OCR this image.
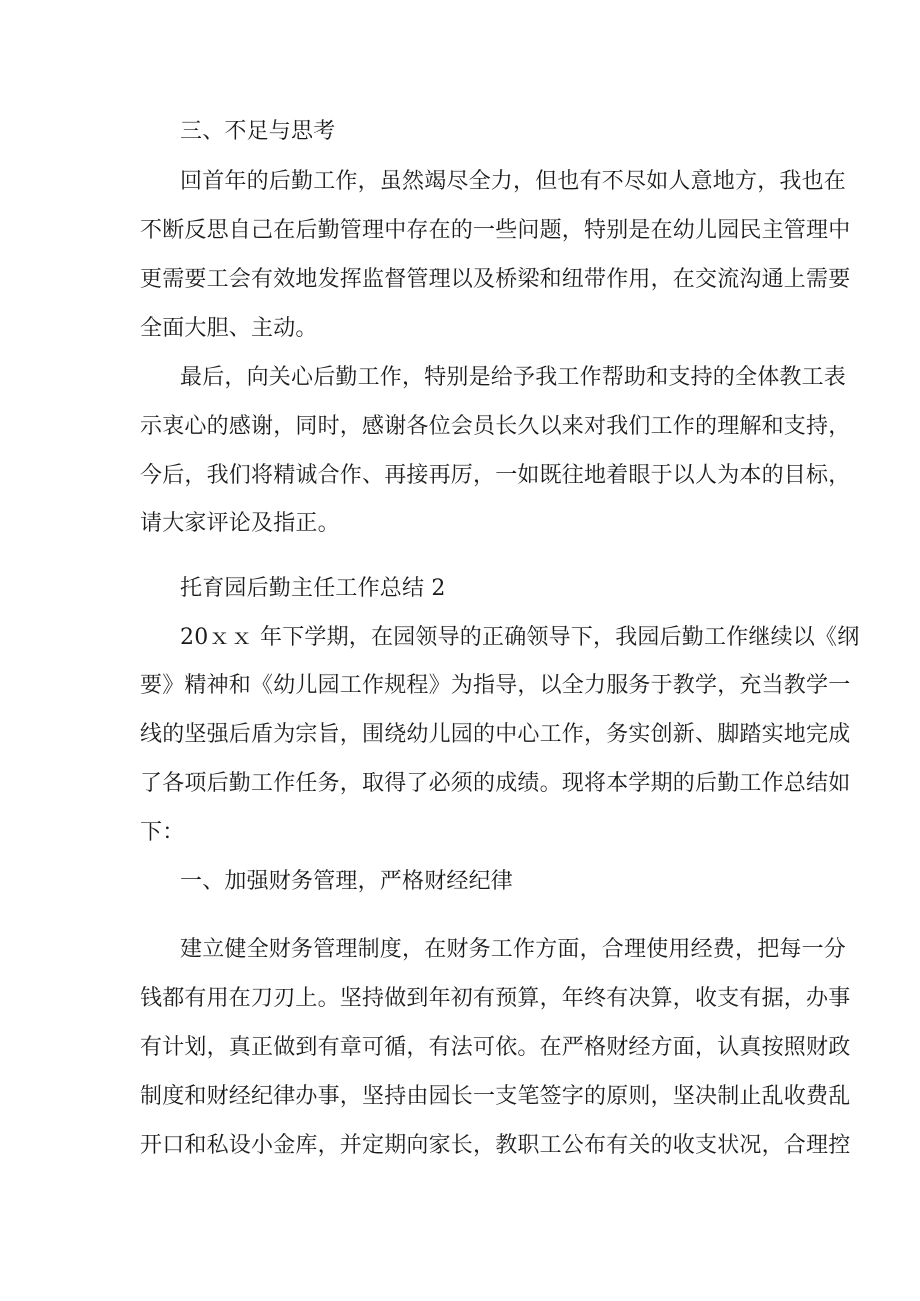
三、不足与思考
回首年的后勤工作，虽然竭尽全力，但也有不尽如人意地方，我也在
不断反思自己在后勤管理中存在的一些问题，特别是在幼儿园民主管理中
更需要工会有效地发挥监督管理以及桥梁和纽带作用，在交流沟通上需要
全面大胆、主动。
最后，向关心后勤工作，特别是给予我工作帮助和支持的全体教工表
示衷心的感谢，同时，感谢各位会员长久以来对我们工作的理解和支持，
今后，我们将精诚合作、再接再厉，一如既往地着眼于以人为本的目标，
请大家评论及指正。
托育园后勤主任工作总结 2
20ｘｘ 年下学期，在园领导的正确领导下，我园后勤工作继续以《纲
要》精神和《幼儿园工作规程》为指导，以全力服务于教学，充当教学一
线的坚强后盾为宗旨，围绕幼儿园的中心工作，务实创新、脚踏实地完成
了各项后勤工作任务，取得了必须的成绩。现将本学期的后勤工作总结如
下：
一、加强财务管理，严格财经纪律
建立健全财务管理制度，在财务工作方面，合理使用经费，把每一分
钱都有用在刀刃上。坚持做到年初有预算，年终有决算，收支有据，办事
有计划，真正做到有章可循，有法可依。在严格财经方面，认真按照财政
制度和财经纪律办事，坚持由园长一支笔签字的原则，坚决制止乱收费乱
开口和私设小金库，并定期向家长，教职工公布有关的收支状况，合理控
